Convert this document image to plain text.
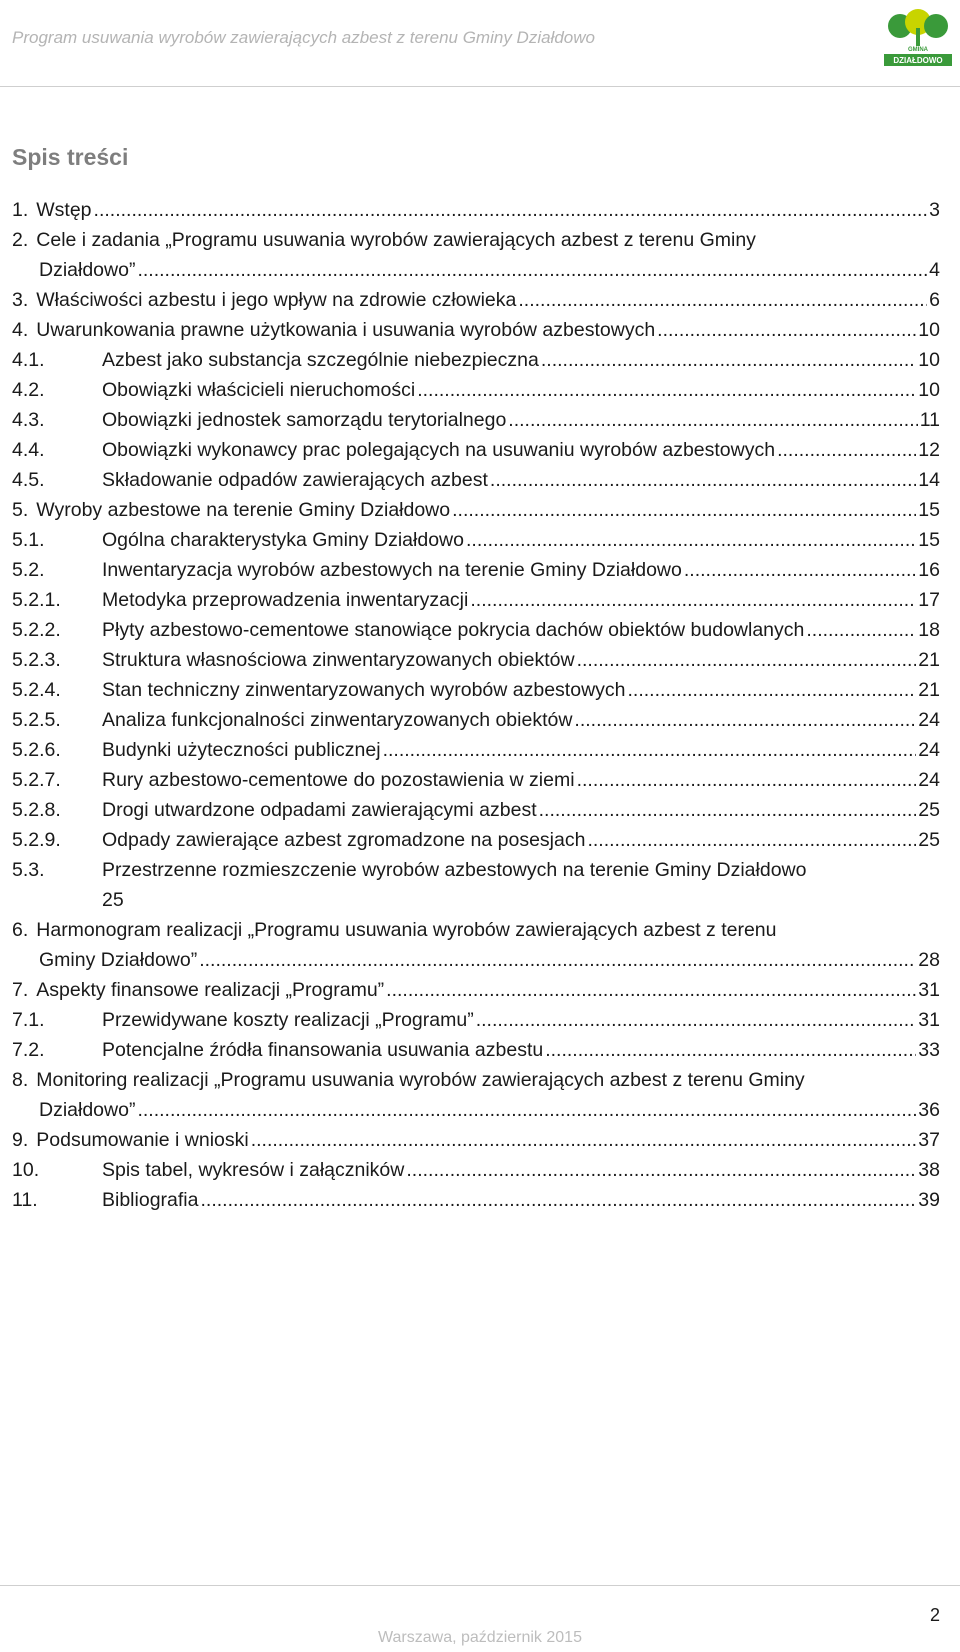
Program usuwania wyrobów zawierających azbest z terenu Gminy Działdowo
GMINA
DZIAŁDOWO
Spis treści
1. Wstęp .....	3
2. Cele i zadania „Programu usuwania wyrobów zawierających azbest z terenu Gminy
Działdowo” .....	4
3. Właściwości azbestu i jego wpływ na zdrowie człowieka .....	6
4. Uwarunkowania prawne użytkowania i usuwania wyrobów azbestowych .....	10
4.1.	Azbest jako substancja szczególnie niebezpieczna .....	10
4.2.	Obowiązki właścicieli nieruchomości .....	10
4.3.	Obowiązki jednostek samorządu terytorialnego .....	11
4.4.	Obowiązki wykonawcy prac polegających na usuwaniu wyrobów azbestowych .....	12
4.5.	Składowanie odpadów zawierających azbest .....	14
5. Wyroby azbestowe na terenie Gminy Działdowo .....	15
5.1.	Ogólna charakterystyka Gminy Działdowo .....	15
5.2.	Inwentaryzacja wyrobów azbestowych na terenie Gminy Działdowo .....	16
5.2.1.	Metodyka przeprowadzenia inwentaryzacji .....	17
5.2.2.	Płyty azbestowo-cementowe stanowiące pokrycia dachów obiektów budowlanych .....	18
5.2.3.	Struktura własnościowa zinwentaryzowanych obiektów .....	21
5.2.4.	Stan techniczny zinwentaryzowanych wyrobów azbestowych .....	21
5.2.5.	Analiza funkcjonalności zinwentaryzowanych obiektów .....	24
5.2.6.	Budynki użyteczności publicznej .....	24
5.2.7.	Rury azbestowo-cementowe do pozostawienia w ziemi .....	24
5.2.8.	Drogi utwardzone odpadami zawierającymi azbest .....	25
5.2.9.	Odpady zawierające azbest zgromadzone na posesjach .....	25
5.3.	Przestrzenne rozmieszczenie wyrobów azbestowych na terenie Gminy Działdowo
25
6. Harmonogram realizacji „Programu usuwania wyrobów zawierających azbest z terenu
Gminy Działdowo” .....	28
7. Aspekty finansowe realizacji „Programu” .....	31
7.1.	Przewidywane koszty realizacji „Programu” .....	31
7.2.	Potencjalne źródła finansowania usuwania azbestu .....	33
8. Monitoring realizacji „Programu usuwania wyrobów zawierających azbest z terenu Gminy
Działdowo” .....	36
9. Podsumowanie i wnioski .....	37
10.	Spis tabel, wykresów i załączników .....	38
11.	Bibliografia .....	39
2
Warszawa, październik 2015
